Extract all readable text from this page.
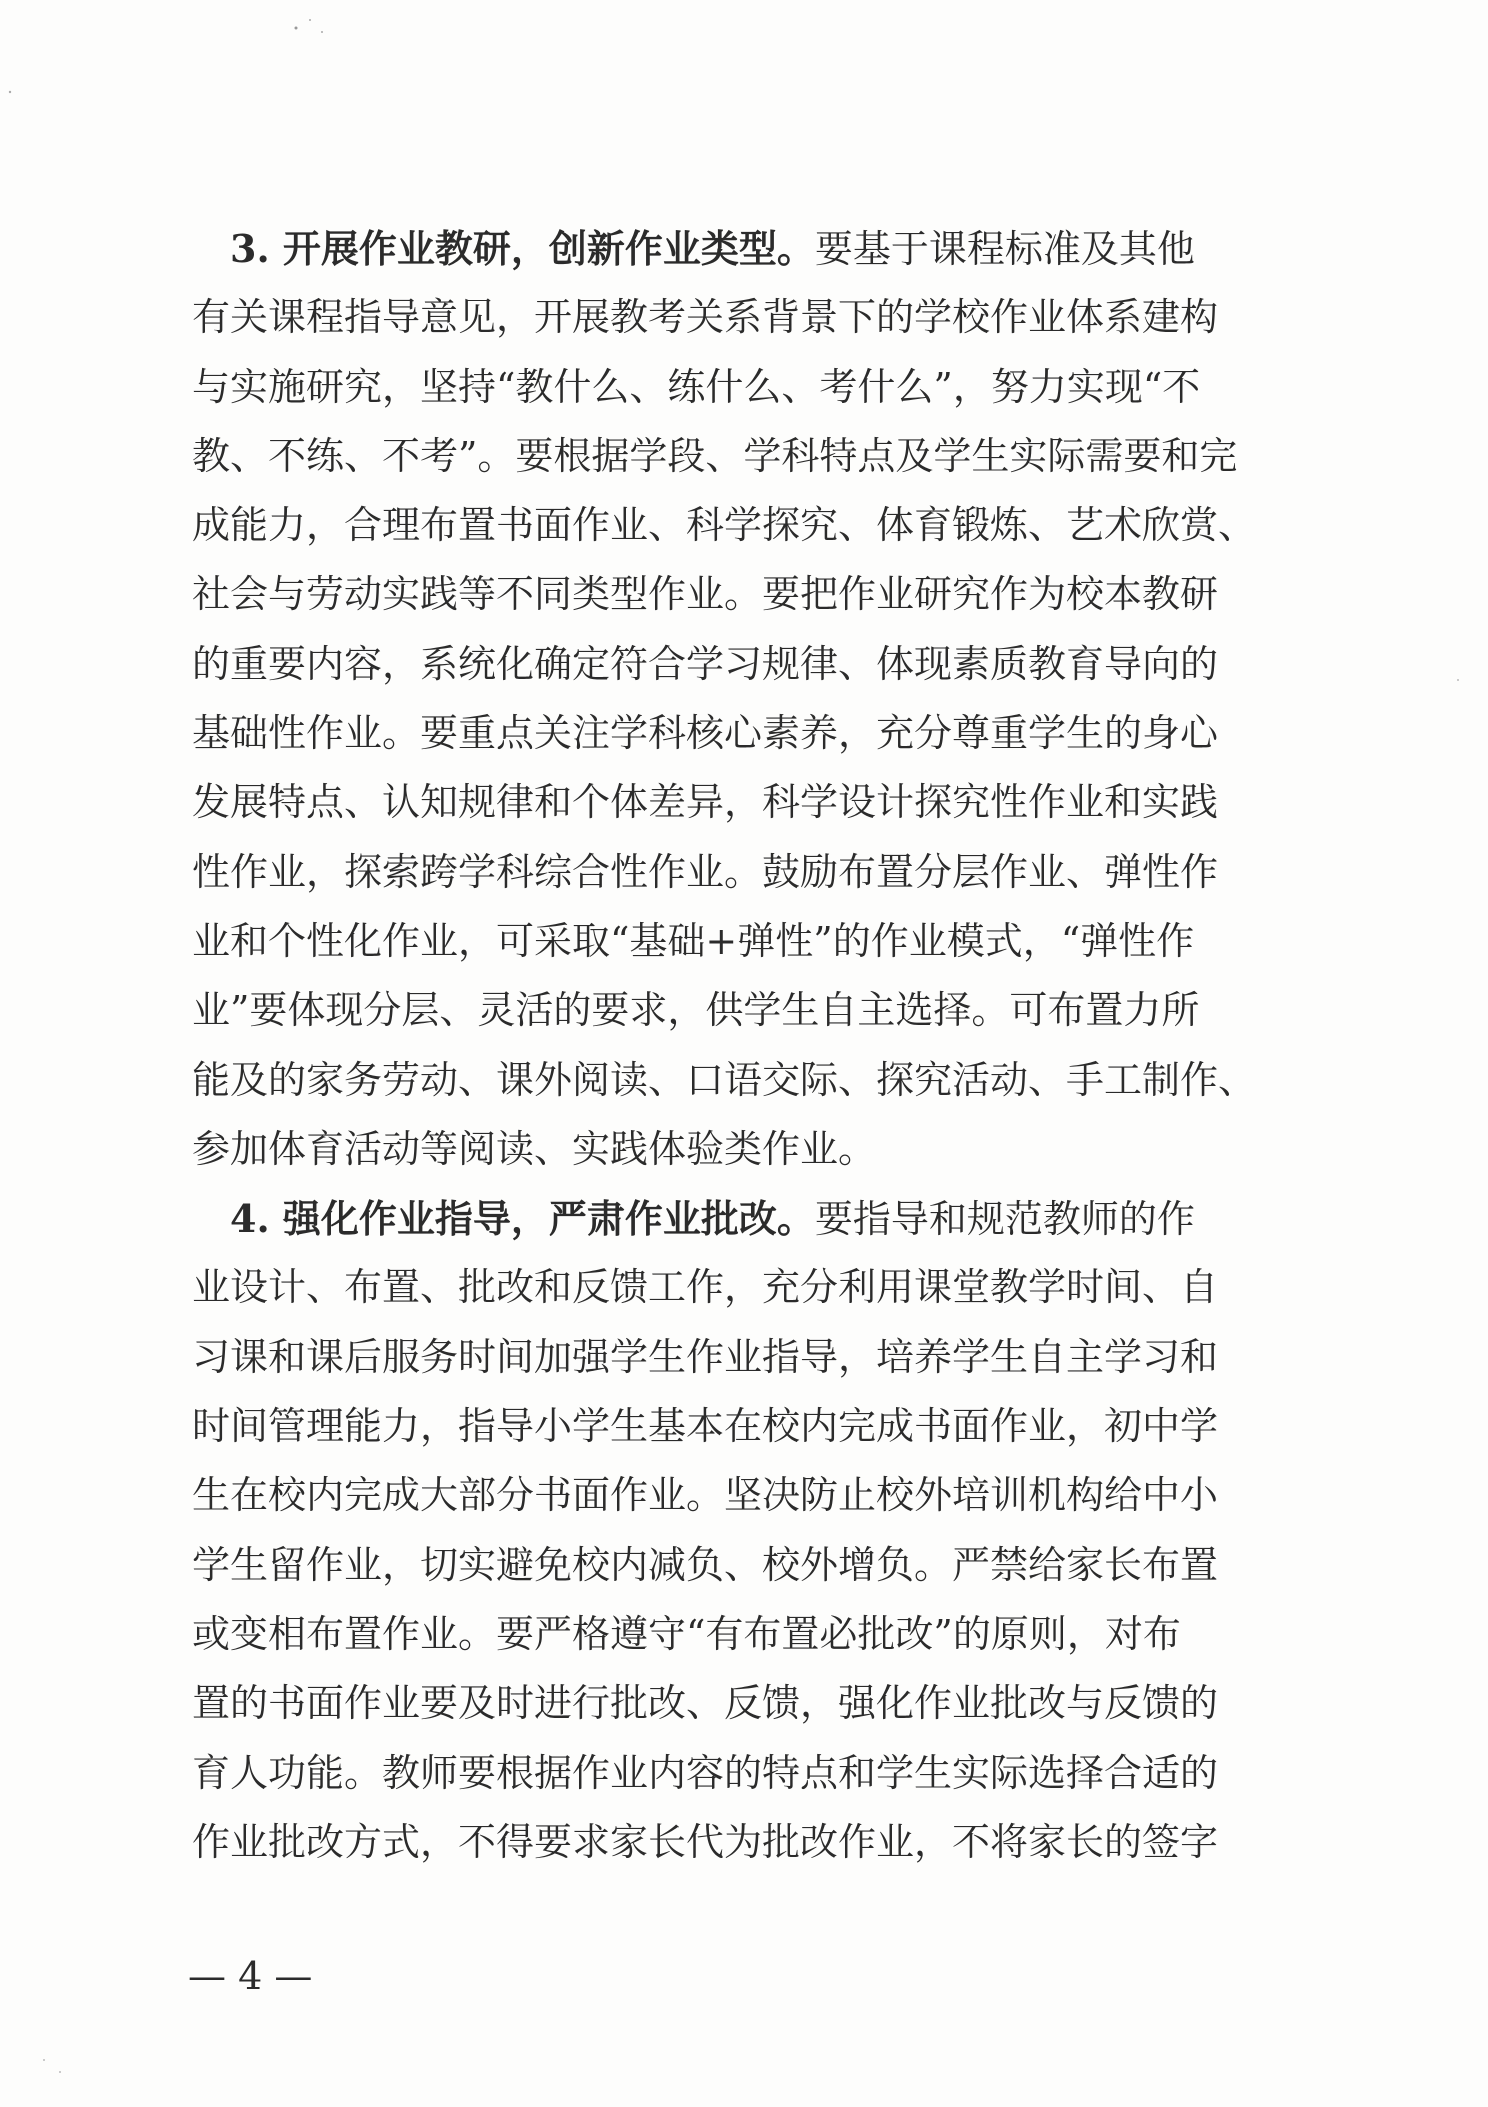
3. 开展作业教研，创新作业类型。要基于课程标准及其他
有关课程指导意见，开展教考关系背景下的学校作业体系建构
与实施研究，坚持“教什么、练什么、考什么”，努力实现“不
教、不练、不考”。要根据学段、学科特点及学生实际需要和完
成能力，合理布置书面作业、科学探究、体育锻炼、艺术欣赏、
社会与劳动实践等不同类型作业。要把作业研究作为校本教研
的重要内容，系统化确定符合学习规律、体现素质教育导向的
基础性作业。要重点关注学科核心素养，充分尊重学生的身心
发展特点、认知规律和个体差异，科学设计探究性作业和实践
性作业，探索跨学科综合性作业。鼓励布置分层作业、弹性作
业和个性化作业，可采取“基础+弹性”的作业模式，“弹性作
业”要体现分层、灵活的要求，供学生自主选择。可布置力所
能及的家务劳动、课外阅读、口语交际、探究活动、手工制作、
参加体育活动等阅读、实践体验类作业。
4. 强化作业指导，严肃作业批改。要指导和规范教师的作
业设计、布置、批改和反馈工作，充分利用课堂教学时间、自
习课和课后服务时间加强学生作业指导，培养学生自主学习和
时间管理能力，指导小学生基本在校内完成书面作业，初中学
生在校内完成大部分书面作业。坚决防止校外培训机构给中小
学生留作业，切实避免校内减负、校外增负。严禁给家长布置
或变相布置作业。要严格遵守“有布置必批改”的原则，对布
置的书面作业要及时进行批改、反馈，强化作业批改与反馈的
育人功能。教师要根据作业内容的特点和学生实际选择合适的
作业批改方式，不得要求家长代为批改作业，不将家长的签字
— 4 —
